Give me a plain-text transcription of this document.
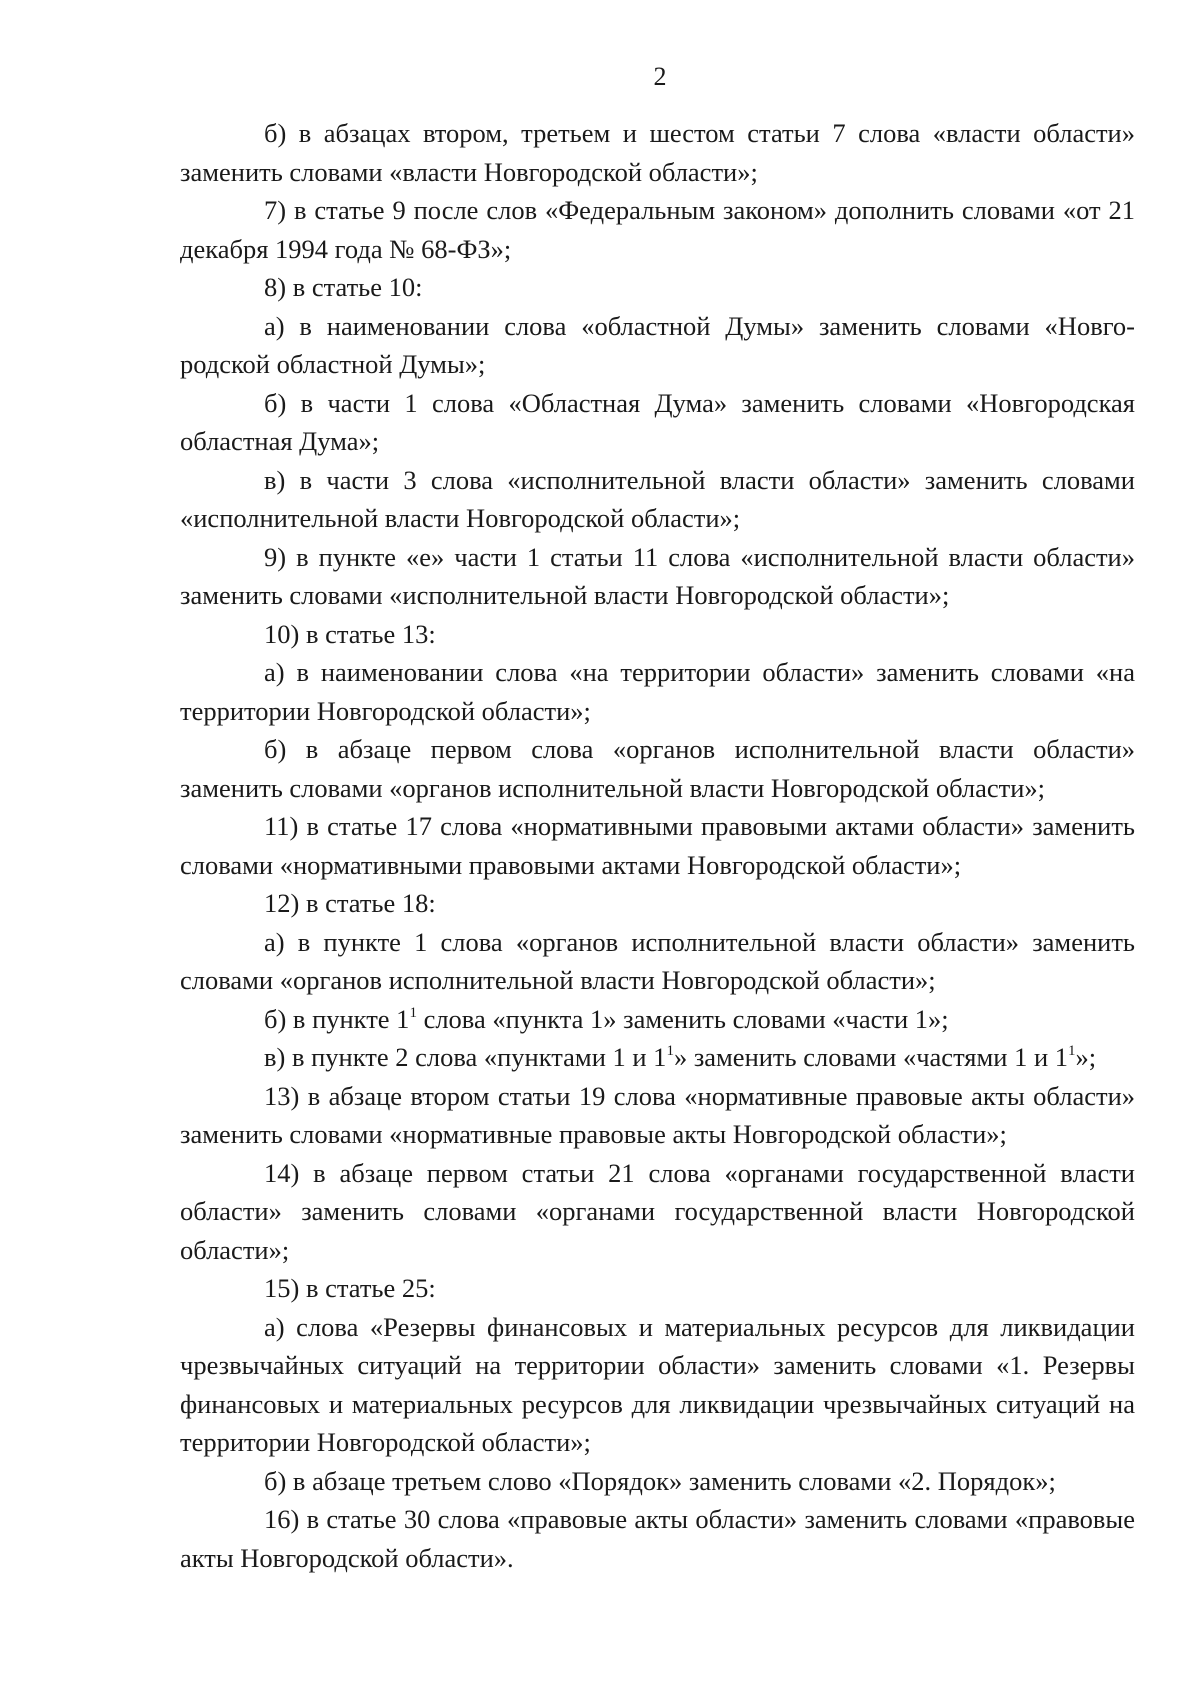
2

б) в абзацах втором, третьем и шестом статьи 7 слова «власти области» заменить словами «власти Новгородской области»;

7) в статье 9 после слов «Федеральным законом» дополнить словами «от 21 декабря 1994 года № 68-ФЗ»;

8) в статье 10:

а) в наименовании слова «областной Думы» заменить словами «Новгородской областной Думы»;

б) в части 1 слова «Областная Дума» заменить словами «Новгородская областная Дума»;

в) в части 3 слова «исполнительной власти области» заменить словами «исполнительной власти Новгородской области»;

9) в пункте «е» части 1 статьи 11 слова «исполнительной власти области» заменить словами «исполнительной власти Новгородской области»;

10) в статье 13:

а) в наименовании слова «на территории области» заменить словами «на территории Новгородской области»;

б) в абзаце первом слова «органов исполнительной власти области» заменить словами «органов исполнительной власти Новгородской области»;

11) в статье 17 слова «нормативными правовыми актами области» заменить словами «нормативными правовыми актами Новгородской области»;

12) в статье 18:

а) в пункте 1 слова «органов исполнительной власти области» заменить словами «органов исполнительной власти Новгородской области»;

б) в пункте $1^1$ слова «пункта 1» заменить словами «части 1»;

в) в пункте 2 слова «пунктами 1 и $1^1$» заменить словами «частями 1 и $1^1$»;

13) в абзаце втором статьи 19 слова «нормативные правовые акты области» заменить словами «нормативные правовые акты Новгородской области»;

14) в абзаце первом статьи 21 слова «органами государственной власти области» заменить словами «органами государственной власти Новгородской области»;

15) в статье 25:

а) слова «Резервы финансовых и материальных ресурсов для ликвидации чрезвычайных ситуаций на территории области» заменить словами «1. Резервы финансовых и материальных ресурсов для ликвидации чрезвычайных ситуаций на территории Новгородской области»;

б) в абзаце третьем слово «Порядок» заменить словами «2. Порядок»;

16) в статье 30 слова «правовые акты области» заменить словами «правовые акты Новгородской области».
